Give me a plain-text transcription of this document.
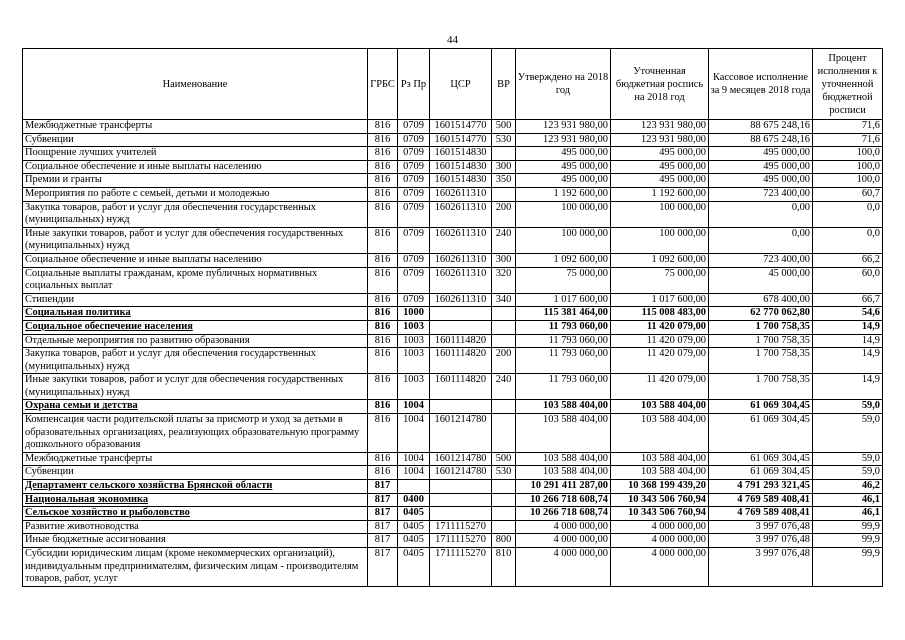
44
Наименование	ГРБС	Рз Пр	ЦСР	ВР	Утверждено на 2018 год	Уточненная бюджетная роспись на 2018 год	Кассовое исполнение за 9 месяцев 2018 года	Процент исполнения к уточненной бюджетной росписи
Межбюджетные трансферты	816	0709	1601514770	500	123 931 980,00	123 931 980,00	88 675 248,16	71,6
Субвенции	816	0709	1601514770	530	123 931 980,00	123 931 980,00	88 675 248,16	71,6
Поощрение лучших учителей	816	0709	1601514830		495 000,00	495 000,00	495 000,00	100,0
Социальное обеспечение и иные выплаты населению	816	0709	1601514830	300	495 000,00	495 000,00	495 000,00	100,0
Премии и гранты	816	0709	1601514830	350	495 000,00	495 000,00	495 000,00	100,0
Мероприятия по работе с семьей, детьми и молодежью	816	0709	1602611310		1 192 600,00	1 192 600,00	723 400,00	60,7
Закупка товаров, работ и услуг для обеспечения государственных (муниципальных) нужд	816	0709	1602611310	200	100 000,00	100 000,00	0,00	0,0
Иные закупки товаров, работ и услуг для обеспечения государственных (муниципальных) нужд	816	0709	1602611310	240	100 000,00	100 000,00	0,00	0,0
Социальное обеспечение и иные выплаты населению	816	0709	1602611310	300	1 092 600,00	1 092 600,00	723 400,00	66,2
Социальные выплаты гражданам, кроме публичных нормативных социальных выплат	816	0709	1602611310	320	75 000,00	75 000,00	45 000,00	60,0
Стипендии	816	0709	1602611310	340	1 017 600,00	1 017 600,00	678 400,00	66,7
Социальная политика	816	1000			115 381 464,00	115 008 483,00	62 770 062,80	54,6
Социальное обеспечение населения	816	1003			11 793 060,00	11 420 079,00	1 700 758,35	14,9
Отдельные мероприятия по развитию образования	816	1003	1601114820		11 793 060,00	11 420 079,00	1 700 758,35	14,9
Закупка товаров, работ и услуг для обеспечения государственных (муниципальных) нужд	816	1003	1601114820	200	11 793 060,00	11 420 079,00	1 700 758,35	14,9
Иные закупки товаров, работ и услуг для обеспечения государственных (муниципальных) нужд	816	1003	1601114820	240	11 793 060,00	11 420 079,00	1 700 758,35	14,9
Охрана семьи и детства	816	1004			103 588 404,00	103 588 404,00	61 069 304,45	59,0
Компенсация части родительской платы за присмотр и уход за детьми в образовательных организациях, реализующих образовательную программу дошкольного образования	816	1004	1601214780		103 588 404,00	103 588 404,00	61 069 304,45	59,0
Межбюджетные трансферты	816	1004	1601214780	500	103 588 404,00	103 588 404,00	61 069 304,45	59,0
Субвенции	816	1004	1601214780	530	103 588 404,00	103 588 404,00	61 069 304,45	59,0
Департамент сельского хозяйства Брянской области	817				10 291 411 287,00	10 368 199 439,20	4 791 293 321,45	46,2
Национальная экономика	817	0400			10 266 718 608,74	10 343 506 760,94	4 769 589 408,41	46,1
Сельское хозяйство и рыболовство	817	0405			10 266 718 608,74	10 343 506 760,94	4 769 589 408,41	46,1
Развитие животноводства	817	0405	1711115270		4 000 000,00	4 000 000,00	3 997 076,48	99,9
Иные бюджетные ассигнования	817	0405	1711115270	800	4 000 000,00	4 000 000,00	3 997 076,48	99,9
Субсидии юридическим лицам (кроме некоммерческих организаций), индивидуальным предпринимателям, физическим лицам - производителям товаров, работ, услуг	817	0405	1711115270	810	4 000 000,00	4 000 000,00	3 997 076,48	99,9
